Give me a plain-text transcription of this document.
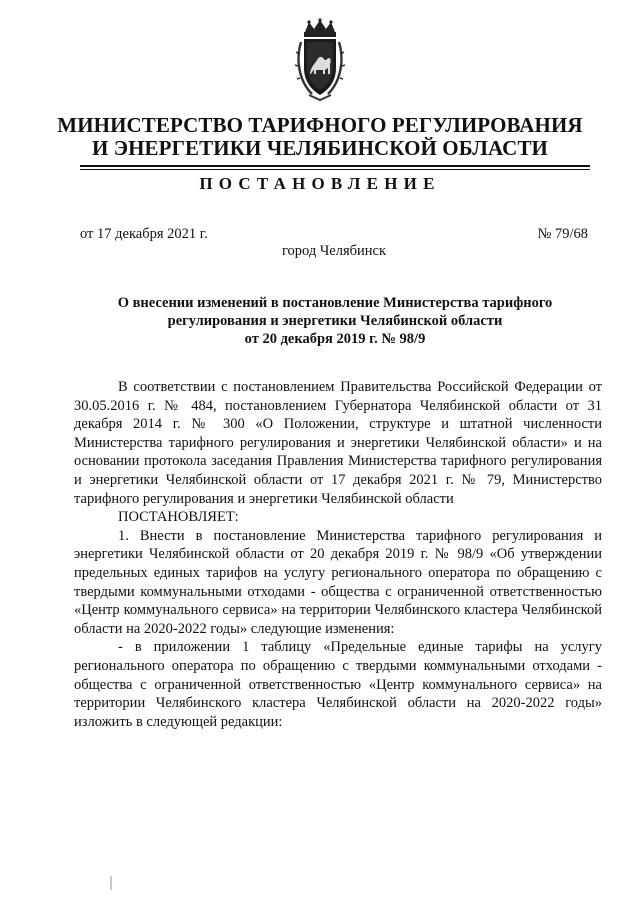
МИНИСТЕРСТВО ТАРИФНОГО РЕГУЛИРОВАНИЯ
И ЭНЕРГЕТИКИ ЧЕЛЯБИНСКОЙ ОБЛАСТИ
ПОСТАНОВЛЕНИЕ
от 17 декабря 2021 г.	№ 79/68
город Челябинск
О внесении изменений в постановление Министерства тарифного
регулирования и энергетики Челябинской области
от 20 декабря 2019 г. № 98/9

В соответствии с постановлением Правительства Российской Федерации от 30.05.2016 г. № 484, постановлением Губернатора Челябинской области от 31 декабря 2014 г. № 300 «О Положении, структуре и штатной численности Министерства тарифного регулирования и энергетики Челябинской области» и на основании протокола заседания Правления Министерства тарифного регулирования и энергетики Челябинской области от 17 декабря 2021 г. № 79, Министерство тарифного регулирования и энергетики Челябинской области

ПОСТАНОВЛЯЕТ:

1. Внести в постановление Министерства тарифного регулирования и энергетики Челябинской области от 20 декабря 2019 г. № 98/9 «Об утверждении предельных единых тарифов на услугу регионального оператора по обращению с твердыми коммунальными отходами - общества с ограниченной ответственностью «Центр коммунального сервиса» на территории Челябинского кластера Челябинской области на 2020-2022 годы» следующие изменения:

- в приложении 1 таблицу «Предельные единые тарифы на услугу регионального оператора по обращению с твердыми коммунальными отходами - общества с ограниченной ответственностью «Центр коммунального сервиса» на территории Челябинского кластера Челябинской области на 2020-2022 годы» изложить в следующей редакции:
